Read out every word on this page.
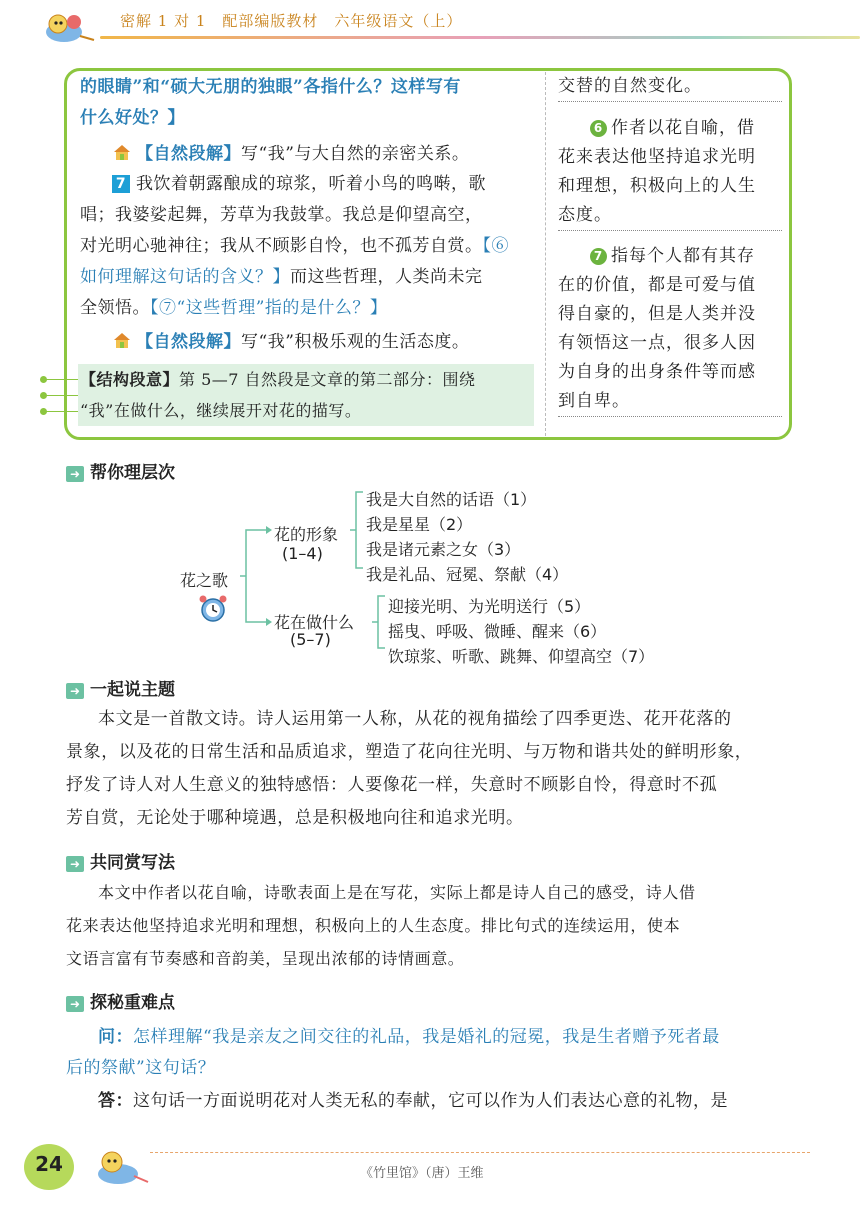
密解 1 对 1　配部编版教材　六年级语文（上）
的眼睛”和“硕大无朋的独眼”各指什么？这样写有
什么好处？】
【自然段解】写“我”与大自然的亲密关系。
7 我饮着朝露酿成的琼浆，听着小鸟的鸣啭，歌
唱；我婆娑起舞，芳草为我鼓掌。我总是仰望高空，
对光明心驰神往；我从不顾影自怜，也不孤芳自赏。【⑥
如何理解这句话的含义？】而这些哲理，人类尚未完
全领悟。【⑦“这些哲理”指的是什么？】
【自然段解】写“我”积极乐观的生活态度。
【结构段意】第 5—7 自然段是文章的第二部分：围绕
“我”在做什么，继续展开对花的描写。
交替的自然变化。
6 作者以花自喻，借
花来表达他坚持追求光明
和理想，积极向上的人生
态度。
7 指每个人都有其存
在的价值，都是可爱与值
得自豪的，但是人类并没
有领悟这一点，很多人因
为自身的出身条件等而感
到自卑。
➜ 帮你理层次
花之歌
花的形象
(1–4)
我是大自然的话语（1）
我是星星（2）
我是诸元素之女（3）
我是礼品、冠冕、祭献（4）
花在做什么
(5–7)
迎接光明、为光明送行（5）
摇曳、呼吸、微睡、醒来（6）
饮琼浆、听歌、跳舞、仰望高空（7）
➜ 一起说主题
本文是一首散文诗。诗人运用第一人称，从花的视角描绘了四季更迭、花开花落的
景象，以及花的日常生活和品质追求，塑造了花向往光明、与万物和谐共处的鲜明形象，
抒发了诗人对人生意义的独特感悟：人要像花一样，失意时不顾影自怜，得意时不孤
芳自赏，无论处于哪种境遇，总是积极地向往和追求光明。
➜ 共同赏写法
本文中作者以花自喻，诗歌表面上是在写花，实际上都是诗人自己的感受，诗人借
花来表达他坚持追求光明和理想，积极向上的人生态度。排比句式的连续运用，使本
文语言富有节奏感和音韵美，呈现出浓郁的诗情画意。
➜ 探秘重难点
问：怎样理解“我是亲友之间交往的礼品，我是婚礼的冠冕，我是生者赠予死者最
后的祭献”这句话？
答：这句话一方面说明花对人类无私的奉献，它可以作为人们表达心意的礼物，是
24	《竹里馆》（唐）王维
